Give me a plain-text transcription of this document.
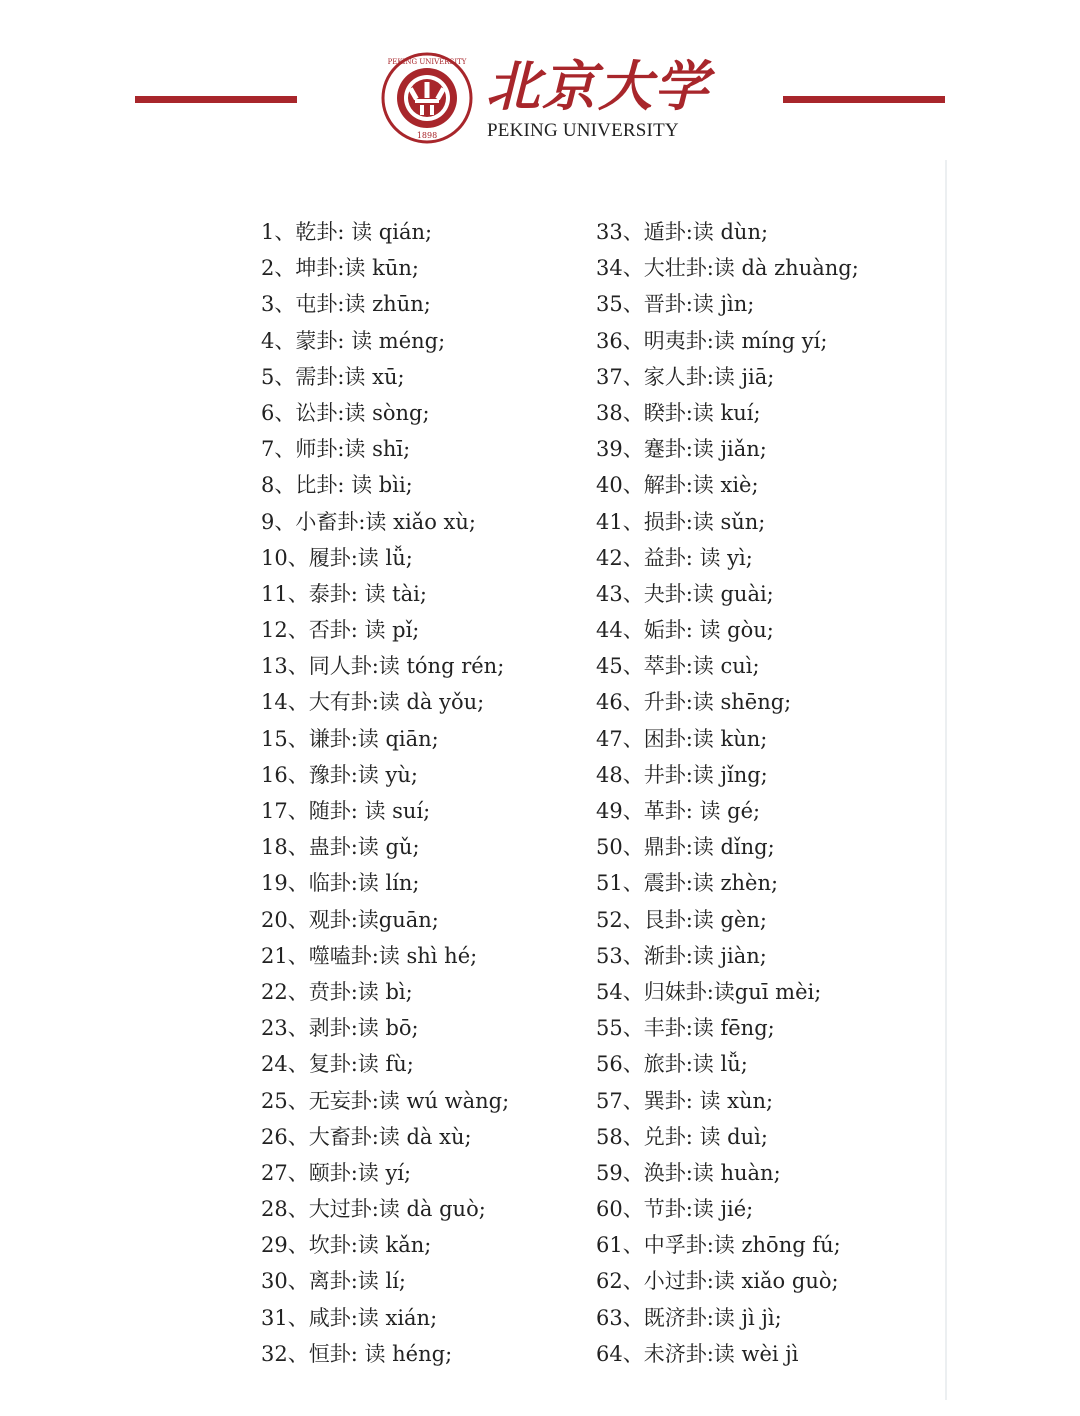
PEKING UNIVERSITY
1898
北京大学
PEKING UNIVERSITY
1、乾卦: 读 qián;
2、坤卦:读 kūn;
3、屯卦:读 zhūn;
4、蒙卦: 读 méng;
5、需卦:读 xū;
6、讼卦:读 sòng;
7、师卦:读 shī;
8、比卦: 读 bìi;
9、小畜卦:读 xiǎo xù;
10、履卦:读 lǚ;
11、泰卦: 读 tài;
12、否卦: 读 pǐ;
13、同人卦:读 tóng rén;
14、大有卦:读 dà yǒu;
15、谦卦:读 qiān;
16、豫卦:读 yù;
17、随卦: 读 suí;
18、蛊卦:读 gǔ;
19、临卦:读 lín;
20、观卦:读guān;
21、噬嗑卦:读 shì hé;
22、贲卦:读 bì;
23、剥卦:读 bō;
24、复卦:读 fù;
25、无妄卦:读 wú wàng;
26、大畜卦:读 dà xù;
27、颐卦:读 yí;
28、大过卦:读 dà guò;
29、坎卦:读 kǎn;
30、离卦:读 lí;
31、咸卦:读 xián;
32、恒卦: 读 héng;
33、遁卦:读 dùn;
34、大壮卦:读 dà zhuàng;
35、晋卦:读 jìn;
36、明夷卦:读 míng yí;
37、家人卦:读 jiā;
38、睽卦:读 kuí;
39、蹇卦:读 jiǎn;
40、解卦:读 xiè;
41、损卦:读 sǔn;
42、益卦: 读 yì;
43、夬卦:读 guài;
44、姤卦: 读 gòu;
45、萃卦:读 cuì;
46、升卦:读 shēng;
47、困卦:读 kùn;
48、井卦:读 jǐng;
49、革卦: 读 gé;
50、鼎卦:读 dǐng;
51、震卦:读 zhèn;
52、艮卦:读 gèn;
53、渐卦:读 jiàn;
54、归妹卦:读guī mèi;
55、丰卦:读 fēng;
56、旅卦:读 lǚ;
57、巽卦: 读 xùn;
58、兑卦: 读 duì;
59、涣卦:读 huàn;
60、节卦:读 jié;
61、中孚卦:读 zhōng fú;
62、小过卦:读 xiǎo guò;
63、既济卦:读 jì jì;
64、未济卦:读 wèi jì
